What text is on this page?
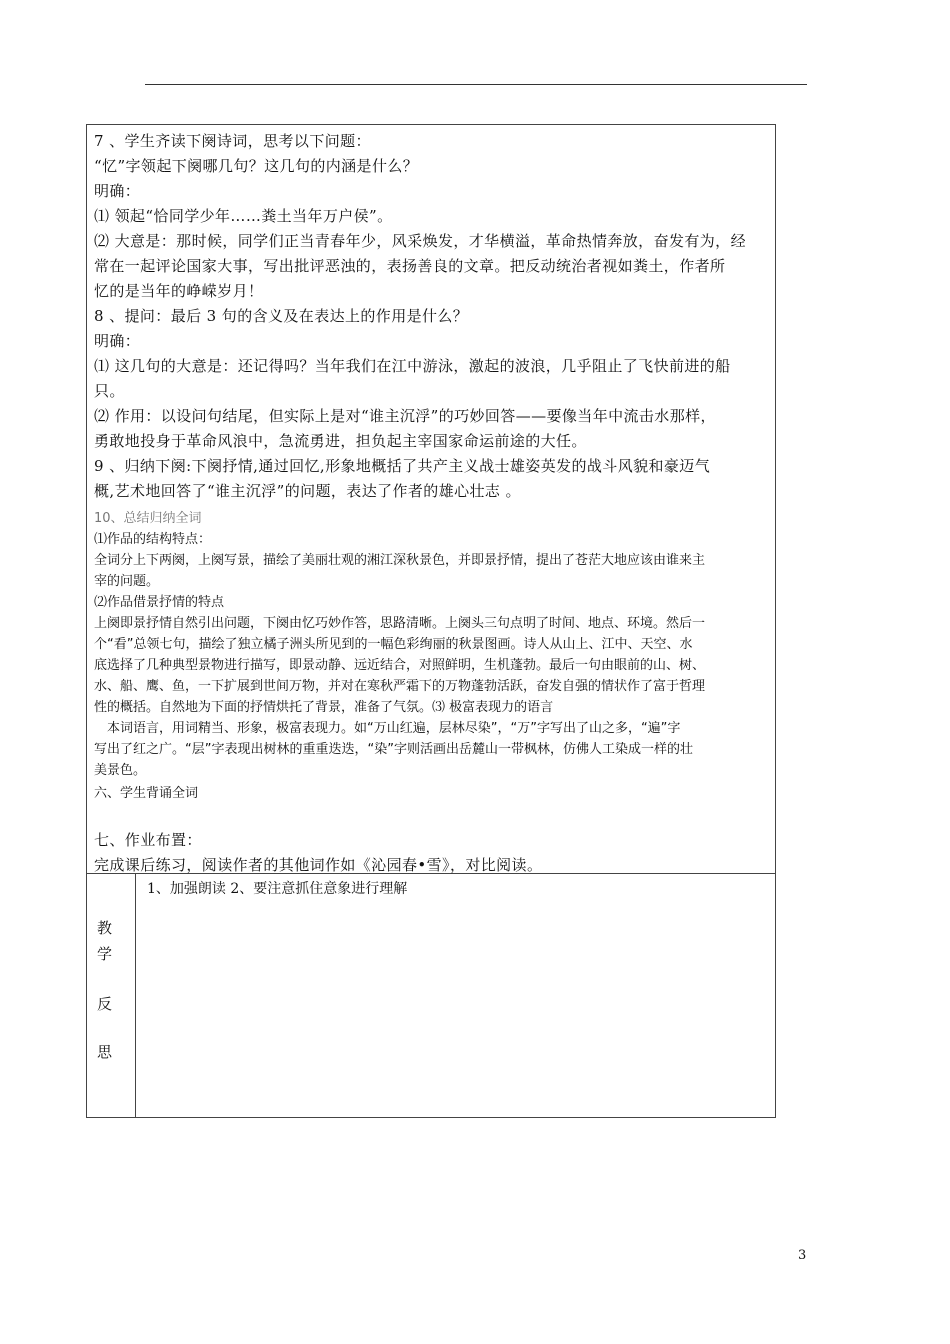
7 、学生齐读下阕诗词，思考以下问题：
“忆”字领起下阕哪几句？这几句的内涵是什么？
明确：
⑴ 领起“恰同学少年……粪土当年万户侯”。
⑵ 大意是：那时候，同学们正当青春年少，风采焕发，才华横溢，革命热情奔放，奋发有为，经
常在一起评论国家大事，写出批评恶浊的，表扬善良的文章。把反动统治者视如粪土，作者所
忆的是当年的峥嵘岁月！
8 、提问：最后 3 句的含义及在表达上的作用是什么？
明确：
⑴ 这几句的大意是：还记得吗？当年我们在江中游泳，激起的波浪，几乎阻止了飞快前进的船
只。
⑵ 作用：以设问句结尾，但实际上是对“谁主沉浮”的巧妙回答——要像当年中流击水那样，
勇敢地投身于革命风浪中，急流勇进，担负起主宰国家命运前途的大任。
9 、归纳下阕:下阕抒情,通过回忆,形象地概括了共产主义战士雄姿英发的战斗风貌和豪迈气
概,艺术地回答了“谁主沉浮”的问题，表达了作者的雄心壮志 。
10、总结归纳全词
⑴作品的结构特点：
全词分上下两阕，上阕写景，描绘了美丽壮观的湘江深秋景色，并即景抒情，提出了苍茫大地应该由谁来主
宰的问题。
⑵作品借景抒情的特点
上阕即景抒情自然引出问题，下阕由忆巧妙作答，思路清晰。上阕头三句点明了时间、地点、环境。然后一
个“看”总领七句，描绘了独立橘子洲头所见到的一幅色彩绚丽的秋景图画。诗人从山上、江中、天空、水
底选择了几种典型景物进行描写，即景动静、远近结合，对照鲜明，生机蓬勃。最后一句由眼前的山、树、
水、船、鹰、鱼，一下扩展到世间万物，并对在寒秋严霜下的万物蓬勃活跃，奋发自强的情状作了富于哲理
性的概括。自然地为下面的抒情烘托了背景，准备了气氛。⑶ 极富表现力的语言
本词语言，用词精当、形象，极富表现力。如“万山红遍，层林尽染”，“万”字写出了山之多，“遍”字
写出了红之广。“层”字表现出树林的重重迭迭，“染”字则活画出岳麓山一带枫林，仿佛人工染成一样的壮
美景色。
六、学生背诵全词
七、作业布置：
完成课后练习，阅读作者的其他词作如《沁园春•雪》，对比阅读。
教
学
反
思
1、加强朗读 2、要注意抓住意象进行理解
3
